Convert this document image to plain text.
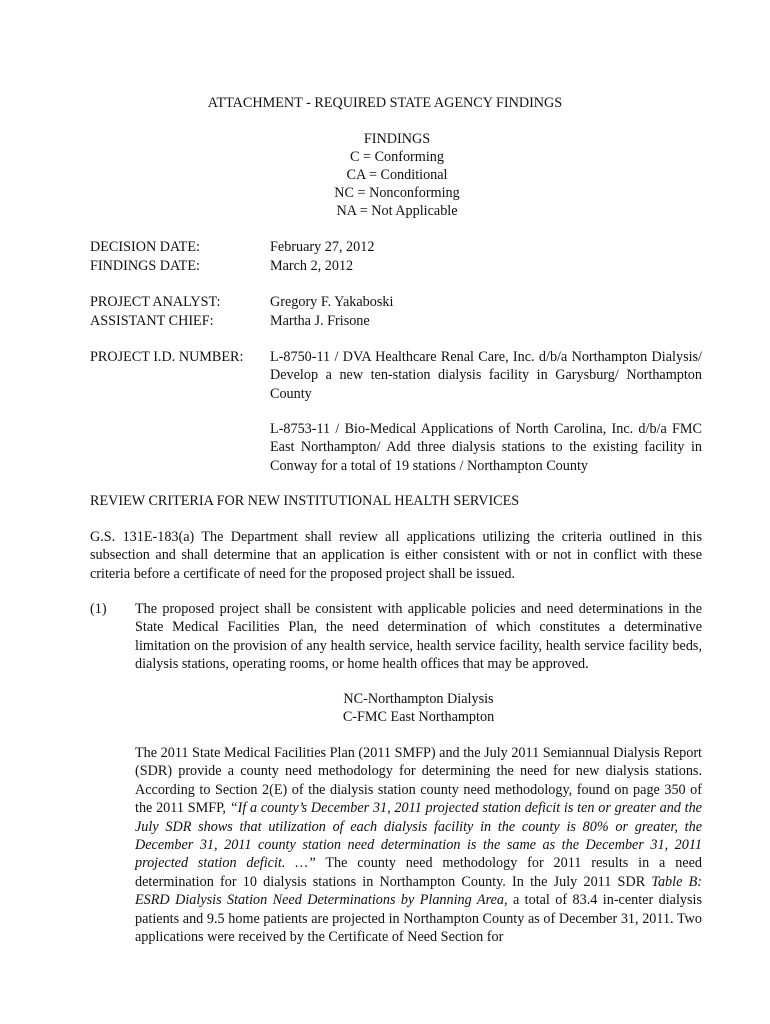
ATTACHMENT - REQUIRED STATE AGENCY FINDINGS
FINDINGS
C = Conforming
CA = Conditional
NC = Nonconforming
NA = Not Applicable
DECISION DATE:	February 27, 2012
FINDINGS DATE:	March 2, 2012
PROJECT ANALYST:	Gregory F. Yakaboski
ASSISTANT CHIEF:	Martha J. Frisone
PROJECT I.D. NUMBER:	L-8750-11 / DVA Healthcare Renal Care, Inc. d/b/a Northampton Dialysis/ Develop a new ten-station dialysis facility in Garysburg/ Northampton County
L-8753-11 / Bio-Medical Applications of North Carolina, Inc. d/b/a FMC East Northampton/ Add three dialysis stations to the existing facility in Conway for a total of 19 stations / Northampton County
REVIEW CRITERIA FOR NEW INSTITUTIONAL HEALTH SERVICES
G.S. 131E-183(a) The Department shall review all applications utilizing the criteria outlined in this subsection and shall determine that an application is either consistent with or not in conflict with these criteria before a certificate of need for the proposed project shall be issued.
(1) The proposed project shall be consistent with applicable policies and need determinations in the State Medical Facilities Plan, the need determination of which constitutes a determinative limitation on the provision of any health service, health service facility, health service facility beds, dialysis stations, operating rooms, or home health offices that may be approved.
NC-Northampton Dialysis
C-FMC East Northampton
The 2011 State Medical Facilities Plan (2011 SMFP) and the July 2011 Semiannual Dialysis Report (SDR) provide a county need methodology for determining the need for new dialysis stations. According to Section 2(E) of the dialysis station county need methodology, found on page 350 of the 2011 SMFP, “If a county’s December 31, 2011 projected station deficit is ten or greater and the July SDR shows that utilization of each dialysis facility in the county is 80% or greater, the December 31, 2011 county station need determination is the same as the December 31, 2011 projected station deficit. …” The county need methodology for 2011 results in a need determination for 10 dialysis stations in Northampton County. In the July 2011 SDR Table B: ESRD Dialysis Station Need Determinations by Planning Area, a total of 83.4 in-center dialysis patients and 9.5 home patients are projected in Northampton County as of December 31, 2011. Two applications were received by the Certificate of Need Section for
